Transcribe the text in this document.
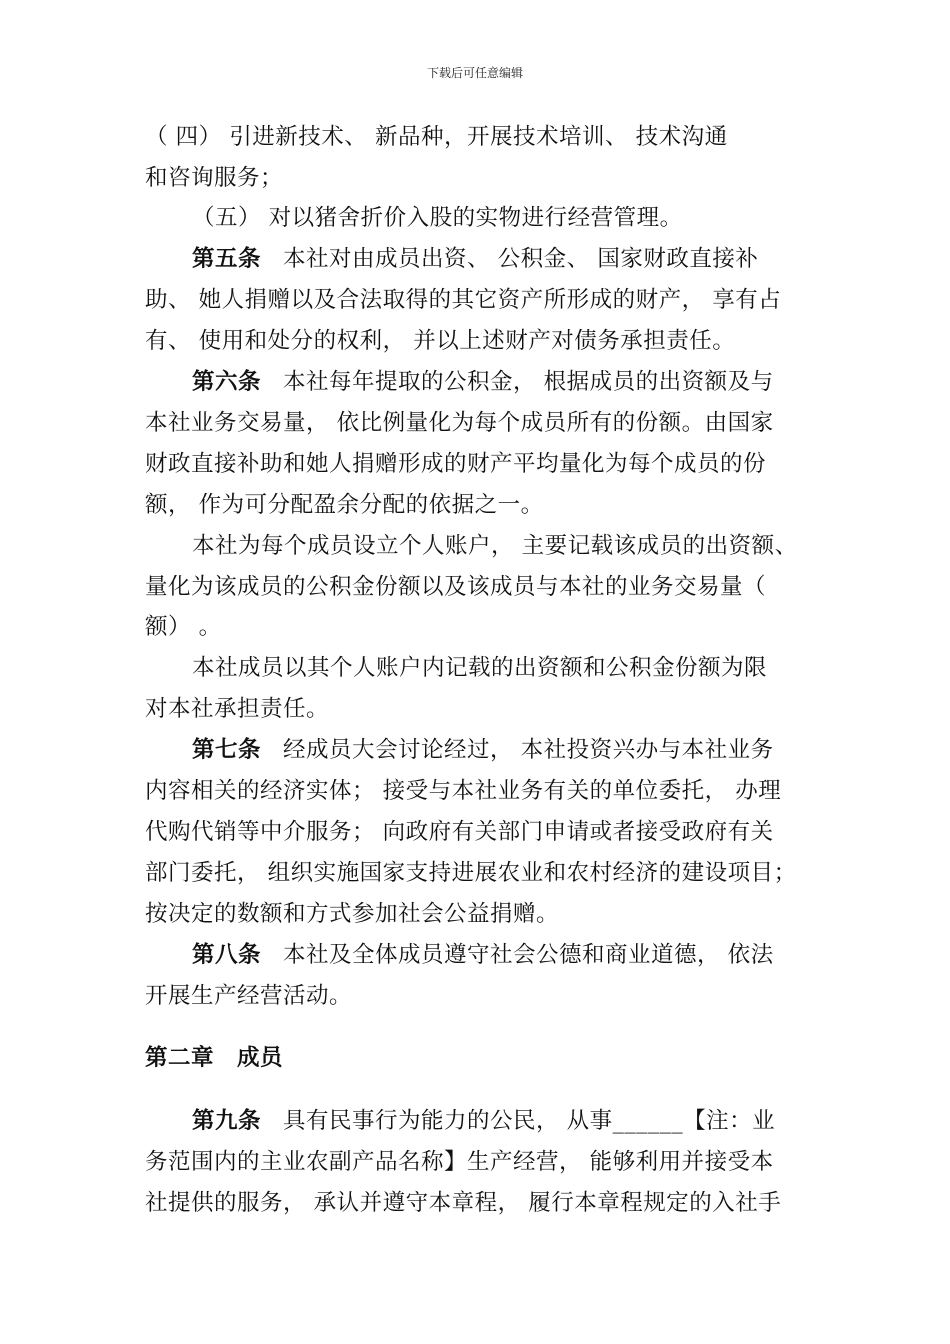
下载后可任意编辑
（ 四） 引进新技术、 新品种，开展技术培训、 技术沟通
和咨询服务；
（五） 对以猪舍折价入股的实物进行经营管理。
第五条 本社对由成员出资、 公积金、 国家财政直接补
助、 她人捐赠以及合法取得的其它资产所形成的财产， 享有占
有、 使用和处分的权利， 并以上述财产对债务承担责任。
第六条 本社每年提取的公积金， 根据成员的出资额及与
本社业务交易量， 依比例量化为每个成员所有的份额。由国家
财政直接补助和她人捐赠形成的财产平均量化为每个成员的份
额， 作为可分配盈余分配的依据之一。
本社为每个成员设立个人账户， 主要记载该成员的出资额、
量化为该成员的公积金份额以及该成员与本社的业务交易量（
额） 。
本社成员以其个人账户内记载的出资额和公积金份额为限
对本社承担责任。
第七条 经成员大会讨论经过， 本社投资兴办与本社业务
内容相关的经济实体； 接受与本社业务有关的单位委托， 办理
代购代销等中介服务； 向政府有关部门申请或者接受政府有关
部门委托， 组织实施国家支持进展农业和农村经济的建设项目；
按决定的数额和方式参加社会公益捐赠。
第八条 本社及全体成员遵守社会公德和商业道德， 依法
开展生产经营活动。
第二章　成员
第九条 具有民事行为能力的公民， 从事______【注：业
务范围内的主业农副产品名称】生产经营， 能够利用并接受本
社提供的服务， 承认并遵守本章程， 履行本章程规定的入社手
